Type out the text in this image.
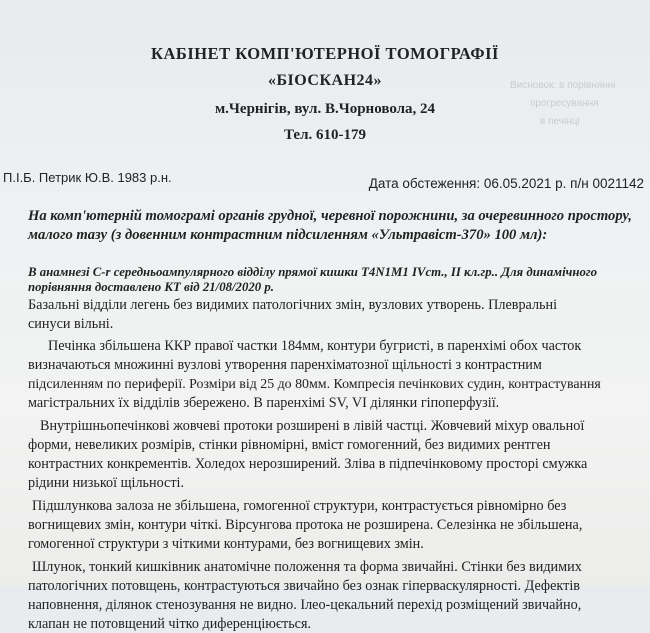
Висновок: в порівнянні
прогресування
в печінці
КАБІНЕТ КОМП'ЮТЕРНОЇ ТОМОГРАФІЇ
«БІОСКАН24»
м.Чернігів, вул. В.Чорновола, 24
Тел. 610-179
П.І.Б. Петрик Ю.В. 1983 р.н.	Дата обстеження: 06.05.2021 р. п/н 0021142
На комп'ютерній томограмі органів грудної, черевної порожнини, за очеревинного простору, малого тазу (з довенним контрастним підсиленням «Ультравіст-370» 100 мл):
В анамнезі C-r середньоампулярного відділу прямої кишки T4N1M1 IVст., II кл.гр.. Для динамічного порівняння доставлено КТ від 21/08/2020 р.
Базальні відділи легень без видимих патологічних змін, вузлових утворень. Плевральні
синуси вільні.
Печінка збільшена ККР правої частки 184мм, контури бугристі, в паренхімі обох часток
визначаються множинні вузлові утворення паренхіматозної щільності з контрастним
підсиленням по периферії. Розміри від 25 до 80мм. Компресія печінкових судин, контрастування
магістральних їх відділів збережено. В паренхімі SV, VI ділянки гіпоперфузії.
Внутрішньопечінкові жовчеві протоки розширені в лівій частці. Жовчевий міхур овальної
форми, невеликих розмірів, стінки рівномірні, вміст гомогенний, без видимих рентген
контрастних конкрементів. Холедох нерозширений. Зліва в підпечінковому просторі смужка
рідини низької щільності.
Підшлункова залоза не збільшена, гомогенної структури, контрастується рівномірно без
вогнищевих змін, контури чіткі. Вірсунгова протока не розширена. Селезінка не збільшена,
гомогенної структури з чіткими контурами, без вогнищевих змін.
Шлунок, тонкий кишківник анатомічне положення та форма звичайні. Стінки без видимих
патологічних потовщень, контрастуються звичайно без ознак гіперваскулярності. Дефектів
наповнення, ділянок стенозування не видно. Ілео-цекальний перехід розміщений звичайно,
клапан не потовщений чітко диференціюється.
